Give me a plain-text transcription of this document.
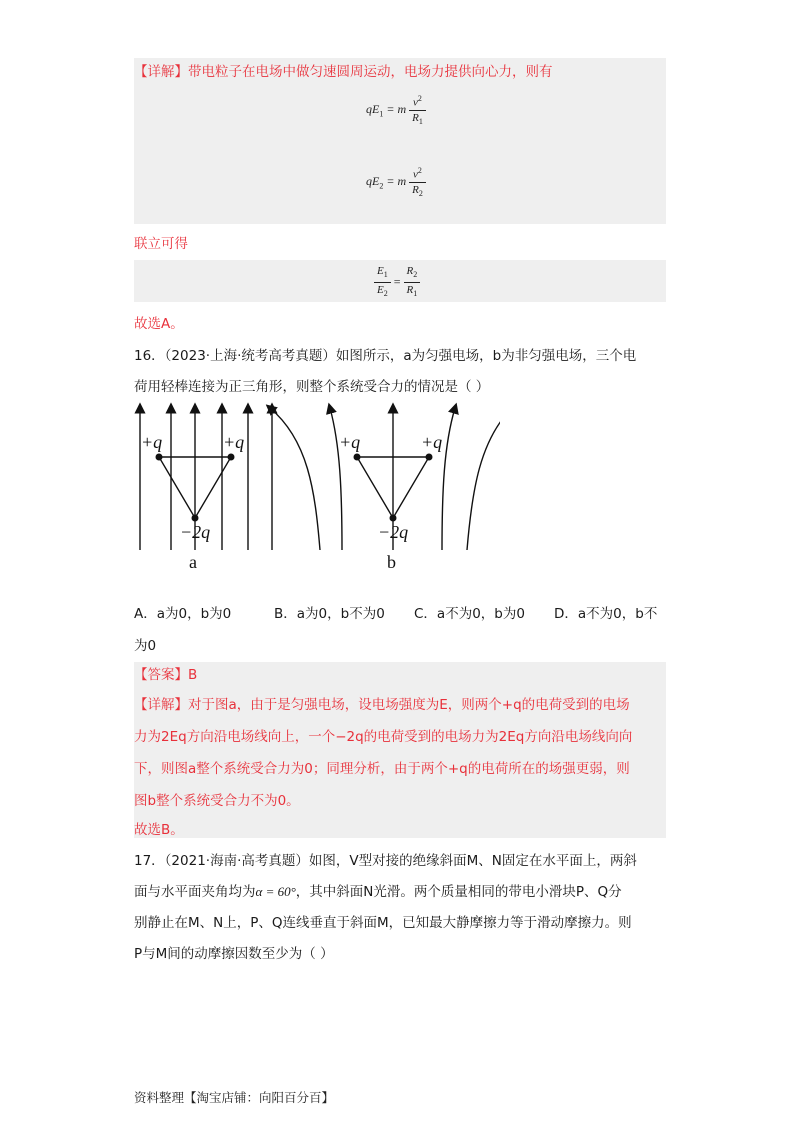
【详解】带电粒子在电场中做匀速圆周运动，电场力提供向心力，则有
$qE_1 = m \frac{v^2}{R_1}$
$qE_2 = m \frac{v^2}{R_2}$
联立可得
$\frac{E_1}{E_2} = \frac{R_2}{R_1}$
故选A。
16．（2023·上海·统考高考真题）如图所示，a为匀强电场，b为非匀强电场，三个电
荷用轻棒连接为正三角形，则整个系统受合力的情况是（ ）
+q	+q
−2q
a
+q	+q
−2q
b
A．a为0，b为0	B．a为0，b不为0 C．a不为0，b为0 D．a不为0，b不
为0
【答案】B
【详解】对于图a，由于是匀强电场，设电场强度为E，则两个+q的电荷受到的电场
力为2Eq方向沿电场线向上，一个−2q的电荷受到的电场力为2Eq方向沿电场线向向
下，则图a整个系统受合力为0；同理分析，由于两个+q的电荷所在的场强更弱，则
图b整个系统受合力不为0。
故选B。
17．（2021·海南·高考真题）如图，V型对接的绝缘斜面M、N固定在水平面上，两斜
面与水平面夹角均为α = 60°，其中斜面N光滑。两个质量相同的带电小滑块P、Q分
别静止在M、N上，P、Q连线垂直于斜面M，已知最大静摩擦力等于滑动摩擦力。则
P与M间的动摩擦因数至少为（ ）
资料整理【淘宝店铺：向阳百分百】
